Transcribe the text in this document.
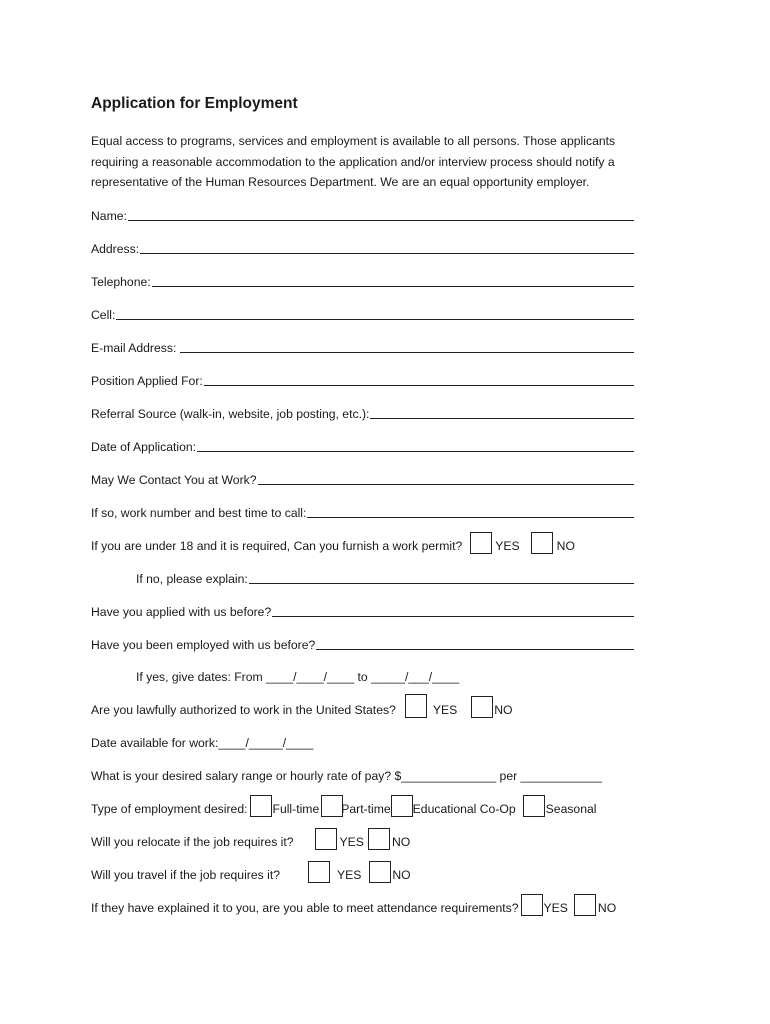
Application for Employment
Equal access to programs, services and employment is available to all persons. Those applicants requiring a reasonable accommodation to the application and/or interview process should notify a representative of the Human Resources Department. We are an equal opportunity employer.
Name:
Address:
Telephone:
Cell:
E-mail Address:
Position Applied For:
Referral Source (walk-in, website, job posting, etc.):
Date of Application:
May We Contact You at Work?
If so, work number and best time to call:
If you are under 18 and it is required, Can you furnish a work permit?	YES	NO
If no, please explain:
Have you applied with us before?
Have you been employed with us before?
If yes, give dates: From ____/____/____ to _____/___/____
Are you lawfully authorized to work in the United States?	YES	NO
Date available for work:____/_____/____
What is your desired salary range or hourly rate of pay? $______________ per ____________
Type of employment desired: Full-time Part-time Educational Co-Op Seasonal
Will you relocate if the job requires it?	YES NO
Will you travel if the job requires it?	YES	NO
If they have explained it to you, are you able to meet attendance requirements? YES NO
